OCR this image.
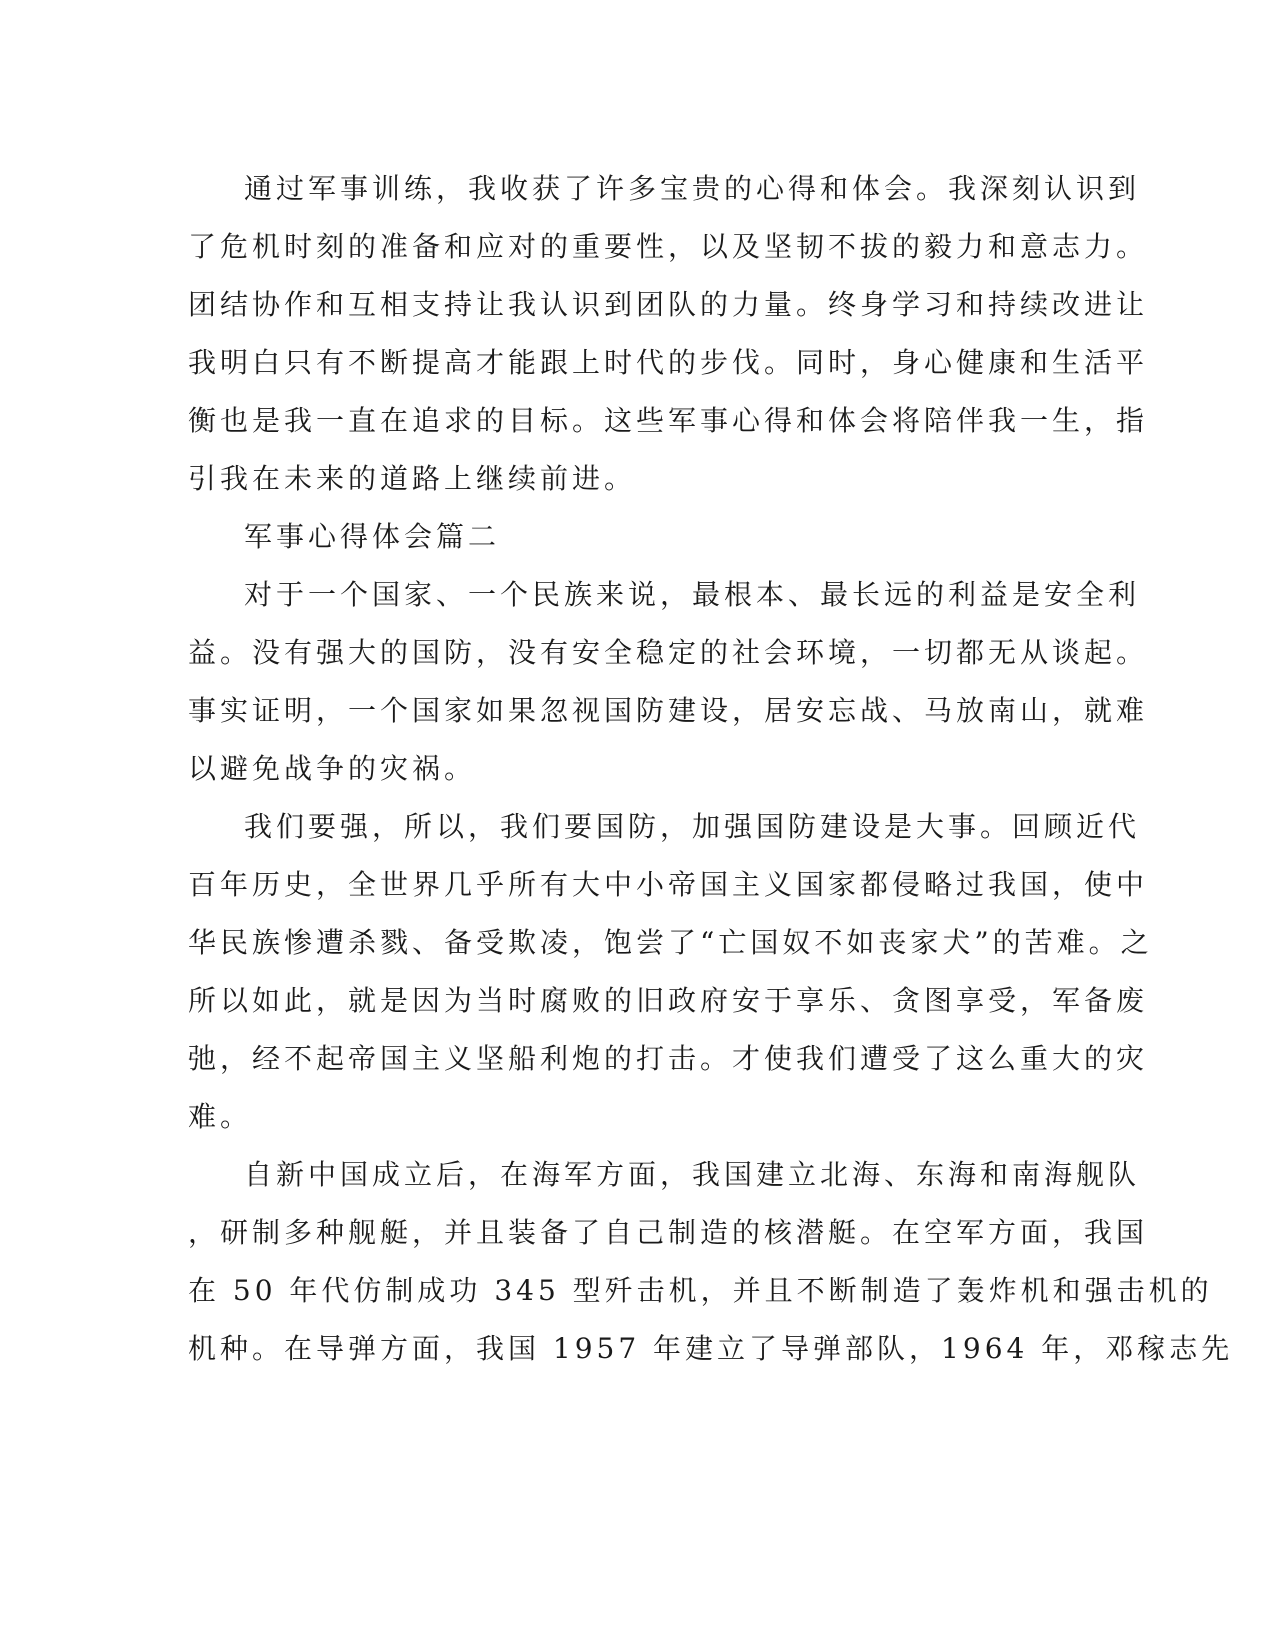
通过军事训练，我收获了许多宝贵的心得和体会。我深刻认识到
了危机时刻的准备和应对的重要性，以及坚韧不拔的毅力和意志力。
团结协作和互相支持让我认识到团队的力量。终身学习和持续改进让
我明白只有不断提高才能跟上时代的步伐。同时，身心健康和生活平
衡也是我一直在追求的目标。这些军事心得和体会将陪伴我一生，指
引我在未来的道路上继续前进。
军事心得体会篇二
对于一个国家、一个民族来说，最根本、最长远的利益是安全利
益。没有强大的国防，没有安全稳定的社会环境，一切都无从谈起。
事实证明，一个国家如果忽视国防建设，居安忘战、马放南山，就难
以避免战争的灾祸。
我们要强，所以，我们要国防，加强国防建设是大事。回顾近代
百年历史，全世界几乎所有大中小帝国主义国家都侵略过我国，使中
华民族惨遭杀戮、备受欺凌，饱尝了“亡国奴不如丧家犬”的苦难。之
所以如此，就是因为当时腐败的旧政府安于享乐、贪图享受，军备废
弛，经不起帝国主义坚船利炮的打击。才使我们遭受了这么重大的灾
难。
自新中国成立后，在海军方面，我国建立北海、东海和南海舰队
，研制多种舰艇，并且装备了自己制造的核潜艇。在空军方面，我国
在 50 年代仿制成功 345 型歼击机，并且不断制造了轰炸机和强击机的
机种。在导弹方面，我国 1957 年建立了导弹部队，1964 年，邓稼志先
